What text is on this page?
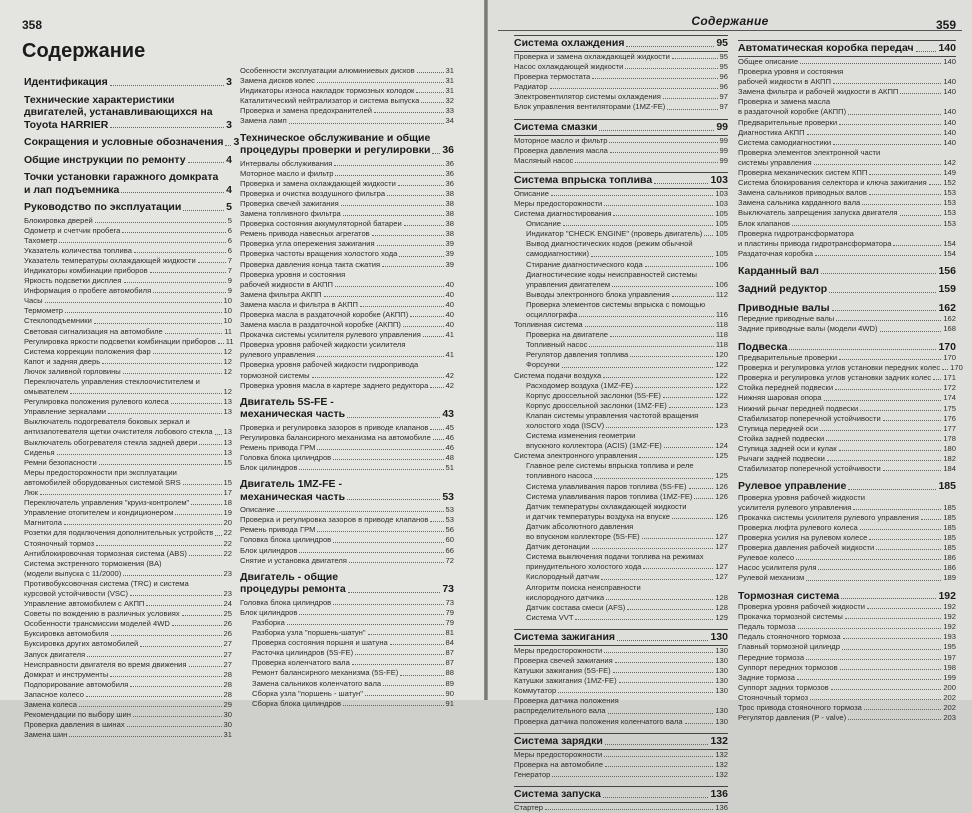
358
Содержание
Идентификация	3
Технические характеристики
двигателей, устанавливающихся на
Toyota HARRIER	3
Сокращения и условные обозначения 3
Общие инструкции по ремонту	4
Точки установки гаражного домкрата
и лап подъемника	4
Руководство по эксплуатации	5
Блокировка дверей	5
Одометр и счетчик пробега	6
Тахометр	6
Указатель количества топлива	6
Указатель температуры охлаждающей жидкости	7
Индикаторы комбинации приборов	7
Яркость подсветки дисплея	9
Информация о пробеге автомобиля	9
Часы	10
Термометр	10
Стеклоподъемники	10
Световая сигнализация на автомобиле	11
Регулировка яркости подсветки комбинации приборов 11
Система коррекции положения фар	12
Капот и задняя дверь	12
Лючок заливной горловины	12
Переключатель управления стеклоочистителем и
омывателем	12
Регулировка положения рулевого колеса	13
Управление зеркалами	13
Выключатель подогревателя боковых зеркал и
антизапотевателя щетки очистителя лобового стекла 13
Выключатель обогревателя стекла задней двери	13
Сиденья	13
Ремни безопасности	15
Меры предосторожности при эксплуатации
автомобилей оборудованных системой SRS	15
Люк	17
Переключатель управления "круиз-контролем"	18
Управление отопителем и кондиционером	19
Магнитола	20
Розетки для подключения дополнительных устройств 22
Стояночный тормоз	22
Антиблокировочная тормозная система (ABS)	22
Система экстренного торможения (BA)
(модели выпуска с 11/2000)	23
Противобуксовочная система (TRC) и система
курсовой устойчивости (VSC)	23
Управление автомобилем с АКПП	24
Советы по вождению в различных условиях	25
Особенности трансмиссии моделей 4WD	26
Буксировка автомобиля	26
Буксировка других автомобилей	27
Запуск двигателя	27
Неисправности двигателя во время движения	27
Домкрат и инструменты	28
Подпорирование автомобиля	28
Запасное колесо	28
Замена колеса	29
Рекомендации по выбору шин	30
Проверка давления в шинах	30
Замена шин	31
Особенности эксплуатации алюминиевых дисков	31
Замена дисков колес	31
Индикаторы износа накладок тормозных колодок	31
Каталитический нейтрализатор и система выпуска	32
Проверка и замена предохранителей	33
Замена ламп	34
Техническое обслуживание и общие
процедуры проверки и регулировки 36
Интервалы обслуживания	36
Моторное масло и фильтр	36
Проверка и замена охлаждающей жидкости	36
Проверка и очистка воздушного фильтра	38
Проверка свечей зажигания	38
Замена топливного фильтра	38
Проверка состояния аккумуляторной батареи	38
Ремень привода навесных агрегатов	38
Проверка угла опережения зажигания	39
Проверка частоты вращения холостого хода	39
Проверка давления конца такта сжатия	39
Проверка уровня и состояния
рабочей жидкости в АКПП	40
Замена фильтра АКПП	40
Замена масла и фильтра в АКПП	40
Проверка масла в раздаточной коробке (АКПП)	40
Замена масла в раздаточной коробке (АКПП)	40
Прокачка системы усилителя рулевого управления	41
Проверка уровня рабочей жидкости усилителя
рулевого управления	41
Проверка уровня рабочей жидкости гидропривода
тормозной системы	42
Проверка уровня масла в картере заднего редуктора 42
Двигатель 5S-FE -
механическая часть	43
Проверка и регулировка зазоров в приводе клапанов 45
Регулировка балансирного механизма на автомобиле 46
Ремень привода ГРМ	46
Головка блока цилиндров	48
Блок цилиндров	51
Двигатель 1MZ-FE -
механическая часть	53
Описание	53
Проверка и регулировка зазоров в приводе клапанов 53
Ремень привода ГРМ	56
Головка блока цилиндров	60
Блок цилиндров	66
Снятие и установка двигателя	72
Двигатель - общие
процедуры ремонта	73
Головка блока цилиндров	73
Блок цилиндров	79
Разборка	79
Разборка узла "поршень-шатун"	81
Проверка состояния поршня и шатуна	84
Расточка цилиндров (5S-FE)	87
Проверка коленчатого вала	87
Ремонт балансирного механизма (5S-FE)	88
Замена сальников коленчатого вала	89
Сборка узла "поршень - шатун"	90
Сборка блока цилиндров	91
Содержание	359
Система охлаждения	95
Проверка и замена охлаждающей жидкости	95
Насос охлаждающей жидкости	95
Проверка термостата	96
Радиатор	96
Электровентилятор системы охлаждения	97
Блок управления вентиляторами (1MZ-FE)	97
Система смазки	99
Моторное масло и фильтр	99
Проверка давления масла	99
Масляный насос	99
Система впрыска топлива	103
Описание	103
Меры предосторожности	103
Система диагностирования	105
Описание	105
Индикатор "CHECK ENGINE" (проверь двигатель) 105
Вывод диагностических кодов (режим обычной
самодиагностики)	105
Стирание диагностического кода	106
Диагностические коды неисправностей системы
управления двигателем	106
Выводы электронного блока управления	112
Проверка элементов системы впрыска с помощью
осциллографа	116
Топливная система	118
Проверка на двигателе	118
Топливный насос	118
Регулятор давления топлива	120
Форсунки	122
Система подачи воздуха	122
Расходомер воздуха (1MZ-FE)	122
Корпус дроссельной заслонки (5S-FE)	122
Корпус дроссельной заслонки (1MZ-FE)	123
Клапан системы управления частотой вращения
холостого хода (ISCV)	123
Система изменения геометрии
впускного коллектора (ACIS) (1MZ-FE)	124
Система электронного управления	125
Главное реле системы впрыска топлива и реле
топливного насоса	125
Система улавливания паров топлива (5S-FE)	126
Система улавливания паров топлива (1MZ-FE)	126
Датчик температуры охлаждающей жидкости
и датчик температуры воздуха на впуске	126
Датчик абсолютного давления
во впускном коллекторе (5S-FE)	127
Датчик детонации	127
Система выключения подачи топлива на режимах
принудительного холостого хода	127
Кислородный датчик	127
Алгоритм поиска неисправности
кислородного датчика	128
Датчик состава смеси (AFS)	128
Система VVT	129
Система зажигания	130
Меры предосторожности	130
Проверка свечей зажигания	130
Катушки зажигания (5S-FE)	130
Катушки зажигания (1MZ-FE)	130
Коммутатор	130
Проверка датчика положения
распределительного вала	130
Проверка датчика положения коленчатого вала	130
Система зарядки	132
Меры предосторожности	132
Проверка на автомобиле	132
Генератор	132
Система запуска	136
Стартер	136
Автоматическая коробка передач 140
Общее описание	140
Проверка уровня и состояния
рабочей жидкости в АКПП	140
Замена фильтра и рабочей жидкости в АКПП	140
Проверка и замена масла
в раздаточной коробке (АКПП)	140
Предварительные проверки	140
Диагностика АКПП	140
Система самодиагностики	140
Проверка элементов электронной части
системы управления	142
Проверка механических систем КПП	149
Система блокирования селектора и ключа зажигания 152
Замена сальников приводных валов	153
Замена сальника карданного вала	153
Выключатель запрещения запуска двигателя	153
Блок клапанов	153
Проверка гидротрансформатора
и пластины привода гидротрансформатора	154
Раздаточная коробка	154
Карданный вал	156
Задний редуктор	159
Приводные валы	162
Передние приводные валы	162
Задние приводные валы (модели 4WD)	168
Подвеска	170
Предварительные проверки	170
Проверка и регулировка углов установки передних колес 170
Проверка и регулировка углов установки задних колес 171
Стойка передней подвески	172
Нижняя шаровая опора	174
Нижний рычаг передней подвески	175
Стабилизатор поперечной устойчивости	176
Ступица передней оси	177
Стойка задней подвески	178
Ступица задней оси и кулак	180
Рычаги задней подвески	182
Стабилизатор поперечной устойчивости	184
Рулевое управление	185
Проверка уровня рабочей жидкости
усилителя рулевого управления	185
Прокачка системы усилителя рулевого управления	185
Проверка люфта рулевого колеса	185
Проверка усилия на рулевом колесе	185
Проверка давления рабочей жидкости	185
Рулевое колесо	186
Насос усилителя руля	186
Рулевой механизм	189
Тормозная система	192
Проверка уровня рабочей жидкости	192
Прокачка тормозной системы	192
Педаль тормоза	192
Педаль стояночного тормоза	193
Главный тормозной цилиндр	195
Передние тормоза	197
Суппорт передних тормозов	198
Задние тормоза	199
Суппорт задних тормозов	200
Стояночный тормоз	202
Трос привода стояночного тормоза	202
Регулятор давления (P - valve)	203
